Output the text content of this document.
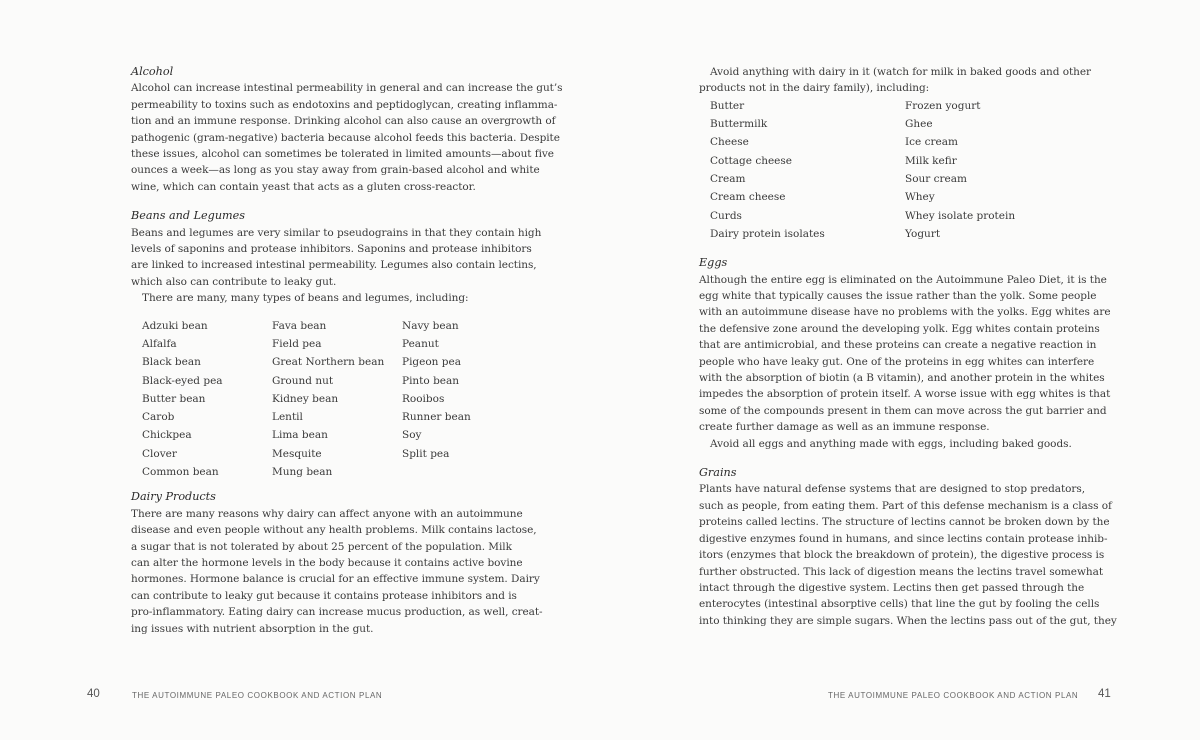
Alcohol

Alcohol can increase intestinal permeability in general and can increase the gut’s

permeability to toxins such as endotoxins and peptidoglycan, creating inflamma-

tion and an immune response. Drinking alcohol can also cause an overgrowth of

pathogenic (gram-negative) bacteria because alcohol feeds this bacteria. Despite

these issues, alcohol can sometimes be tolerated in limited amounts—about five

ounces a week—as long as you stay away from grain-based alcohol and white

wine, which can contain yeast that acts as a gluten cross-reactor.

Beans and Legumes

Beans and legumes are very similar to pseudograins in that they contain high

levels of saponins and protease inhibitors. Saponins and protease inhibitors

are linked to increased intestinal permeability. Legumes also contain lectins,

which also can contribute to leaky gut.

There are many, many types of beans and legumes, including:

Adzuki bean	Fava bean	Navy bean
Alfalfa	Field pea	Peanut
Black bean	Great Northern bean	Pigeon pea
Black-eyed pea	Ground nut	Pinto bean
Butter bean	Kidney bean	Rooibos
Carob	Lentil	Runner bean
Chickpea	Lima bean	Soy
Clover	Mesquite	Split pea
Common bean	Mung bean
Dairy Products

There are many reasons why dairy can affect anyone with an autoimmune

disease and even people without any health problems. Milk contains lactose,

a sugar that is not tolerated by about 25 percent of the population. Milk

can alter the hormone levels in the body because it contains active bovine

hormones. Hormone balance is crucial for an effective immune system. Dairy

can contribute to leaky gut because it contains protease inhibitors and is

pro-inflammatory. Eating dairy can increase mucus production, as well, creat-

ing issues with nutrient absorption in the gut.

40	THE AUTOIMMUNE PALEO COOKBOOK AND ACTION PLAN

Avoid anything with dairy in it (watch for milk in baked goods and other

products not in the dairy family), including:

Butter	Frozen yogurt
Buttermilk	Ghee
Cheese	Ice cream
Cottage cheese	Milk kefir
Cream	Sour cream
Cream cheese	Whey
Curds	Whey isolate protein
Dairy protein isolates	Yogurt
Eggs

Although the entire egg is eliminated on the Autoimmune Paleo Diet, it is the

egg white that typically causes the issue rather than the yolk. Some people

with an autoimmune disease have no problems with the yolks. Egg whites are

the defensive zone around the developing yolk. Egg whites contain proteins

that are antimicrobial, and these proteins can create a negative reaction in

people who have leaky gut. One of the proteins in egg whites can interfere

with the absorption of biotin (a B vitamin), and another protein in the whites

impedes the absorption of protein itself. A worse issue with egg whites is that

some of the compounds present in them can move across the gut barrier and

create further damage as well as an immune response.

Avoid all eggs and anything made with eggs, including baked goods.

Grains

Plants have natural defense systems that are designed to stop predators,

such as people, from eating them. Part of this defense mechanism is a class of

proteins called lectins. The structure of lectins cannot be broken down by the

digestive enzymes found in humans, and since lectins contain protease inhib-

itors (enzymes that block the breakdown of protein), the digestive process is

further obstructed. This lack of digestion means the lectins travel somewhat

intact through the digestive system. Lectins then get passed through the

enterocytes (intestinal absorptive cells) that line the gut by fooling the cells

into thinking they are simple sugars. When the lectins pass out of the gut, they

THE AUTOIMMUNE PALEO COOKBOOK AND ACTION PLAN 41
